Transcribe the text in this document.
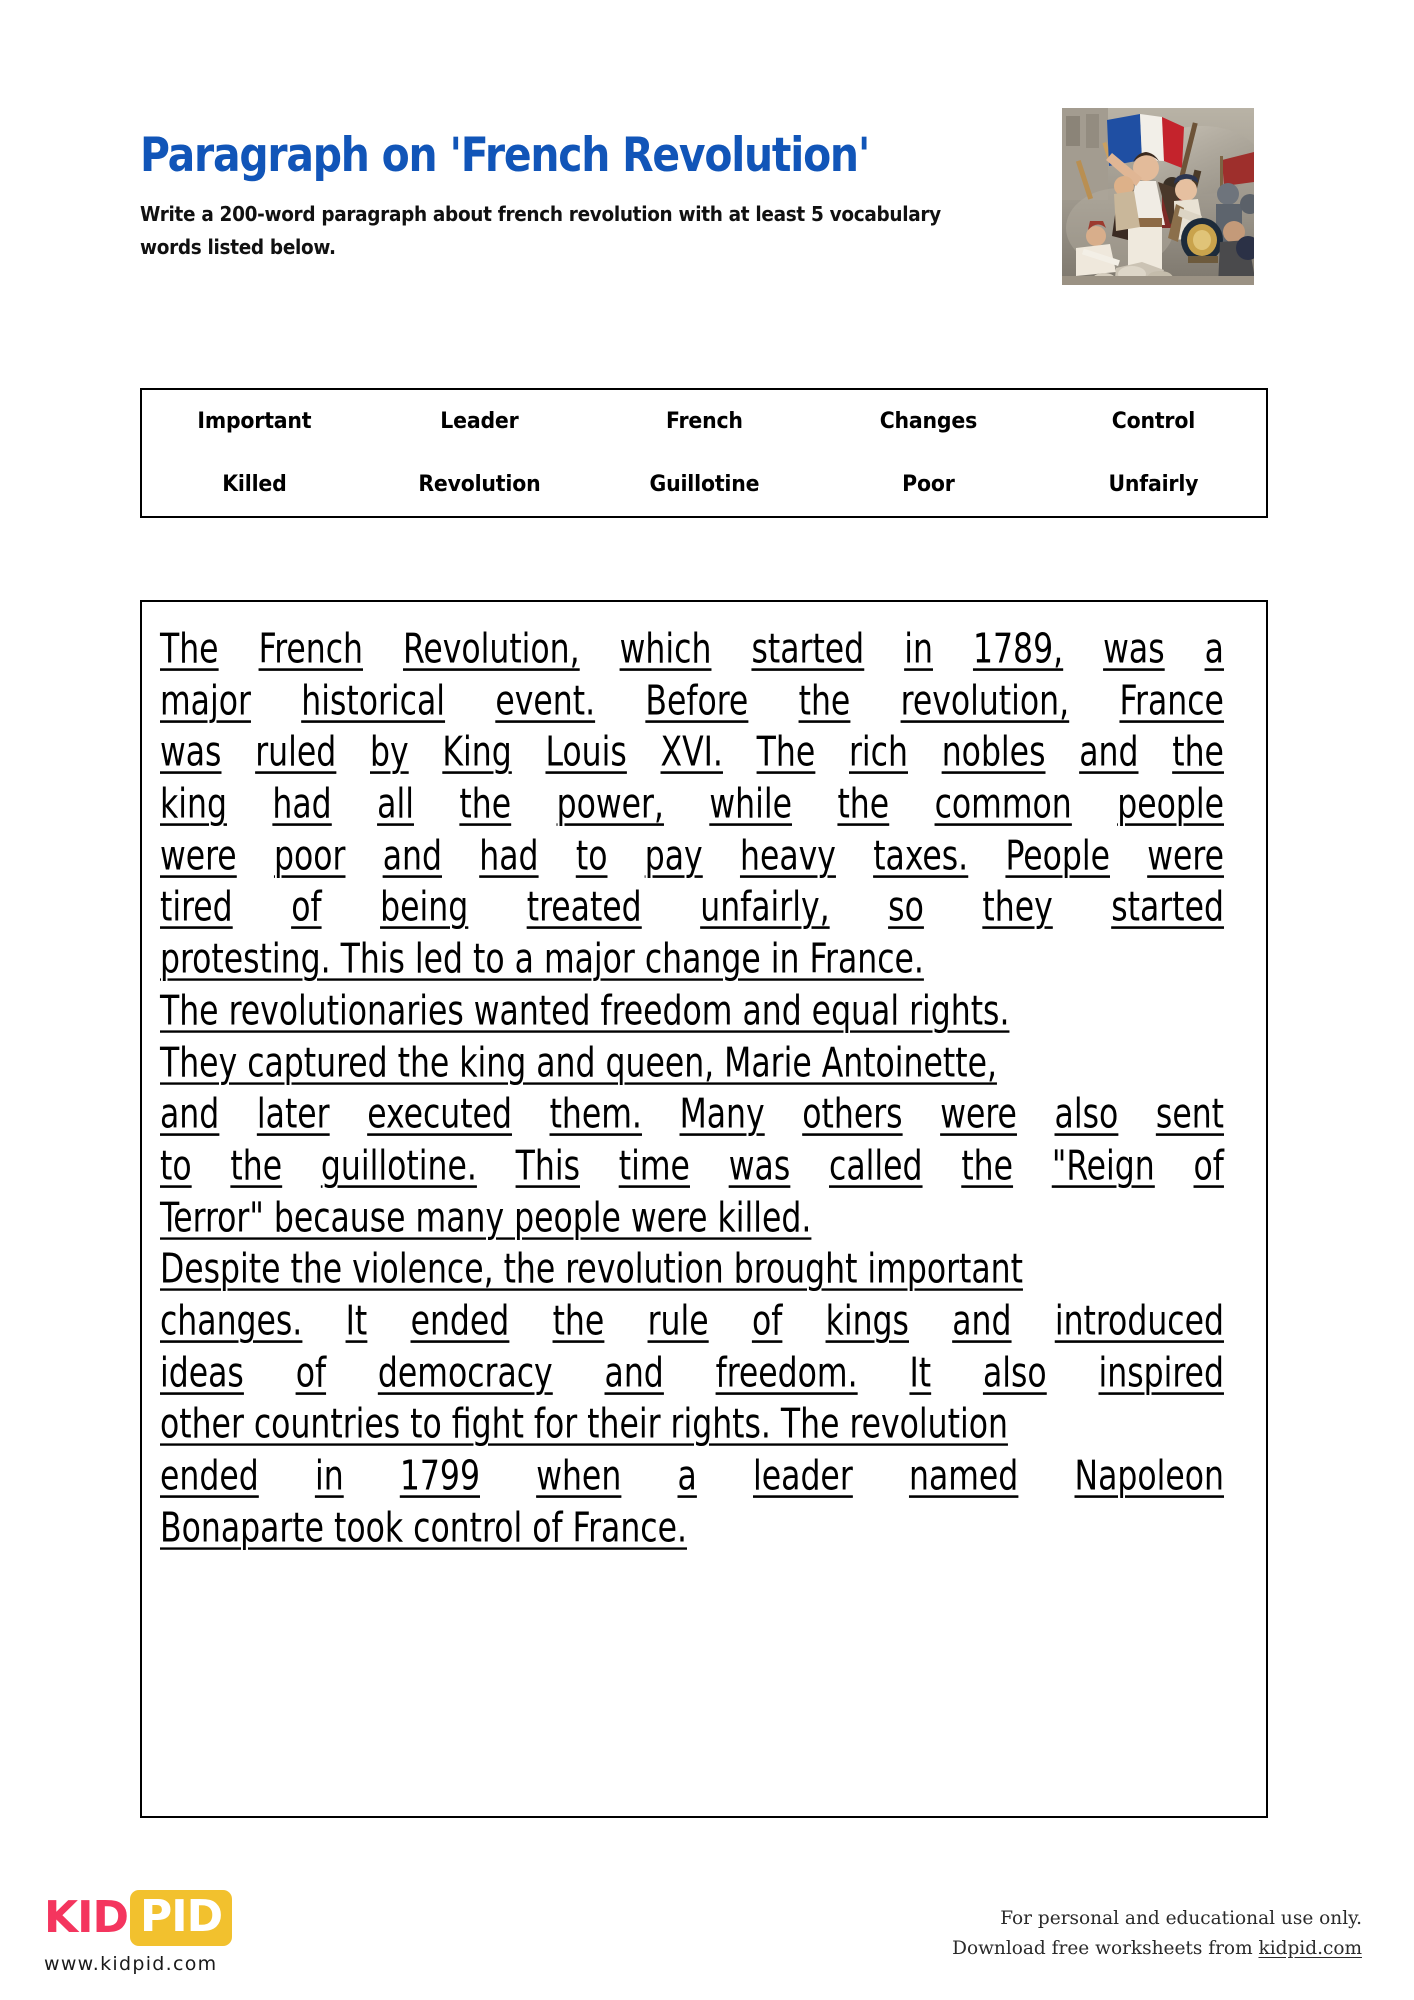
Paragraph on 'French Revolution'
Write a 200-word paragraph about french revolution with at least 5 vocabulary words listed below.
Important	Leader	French	Changes	Control
Killed	Revolution	Guillotine	Poor	Unfairly
The French Revolution, which started in 1789, was a
major historical event. Before the revolution, France
was ruled by King Louis XVI. The rich nobles and the
king had all the power, while the common people
were poor and had to pay heavy taxes. People were
tired of being treated unfairly, so they started
protesting. This led to a major change in France.
The revolutionaries wanted freedom and equal rights.
They captured the king and queen, Marie Antoinette,
and later executed them. Many others were also sent
to the guillotine. This time was called the "Reign of
Terror" because many people were killed.
Despite the violence, the revolution brought important
changes. It ended the rule of kings and introduced
ideas of democracy and freedom. It also inspired
other countries to fight for their rights. The revolution
ended in 1799 when a leader named Napoleon
Bonaparte took control of France.
KID PID
www.kidpid.com
For personal and educational use only.
Download free worksheets from kidpid.com
